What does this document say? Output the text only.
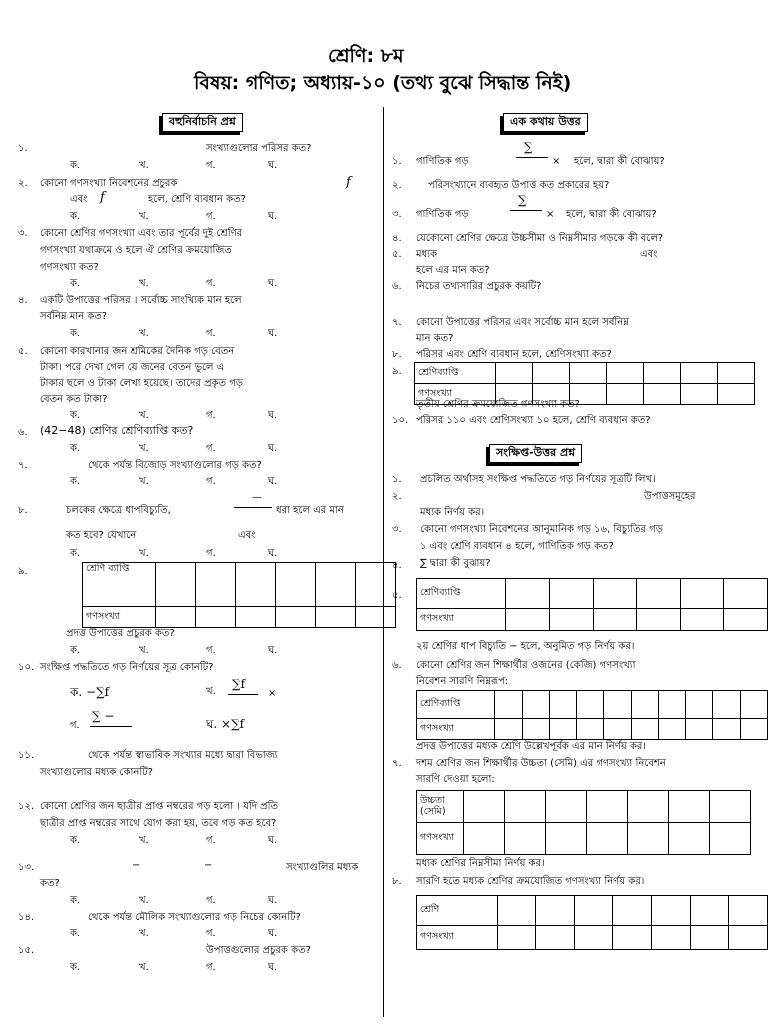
শ্রেণি: ৮ম
বিষয়: গণিত; অধ্যায়-১০ (তথ্য বুঝে সিদ্ধান্ত নিই)
বহুনির্বাচনি প্রশ্ন
১.	সংখ্যাগুলোর পরিসর কত?
ক.	খ.	গ.	ঘ.
২. কোনো গণসংখ্যা নিবেশনের প্রচুরক	f
এবং f	হলে, শ্রেণি ব্যবধান কত?
ক.	খ.	গ.	ঘ.
৩. কোনো শ্রেণির গণসংখ্যা এবং তার পূর্বের দুই শ্রেণির
গণসংখ্যা যথাক্রমে ও হলে ঐ শ্রেণির ক্রমযোজিত
গণসংখ্যা কত?
ক.	খ.	গ.	ঘ.
৪. একটি উপাত্তের পরিসর । সর্বোচ্চ সাংখ্যিক মান হলে
সর্বনিম্ন মান কত?
ক.	খ.	গ.	ঘ.
৫. কোনো কারখানার জন শ্রমিকের দৈনিক গড় বেতন
টাকা। পরে দেখা গেল যে জনের বেতন ভুলে এ
টাকার ছলে ও টাকা লেখা হয়েছে। তাদের প্রকৃত গড়
বেতন কত টাকা?
ক.	খ.	গ.	ঘ.
৬. (42−48) শ্রেণির শ্রেণিব্যাপ্তি কত?
ক.	খ.	গ.	ঘ.
৭.	থেকে পর্যন্ত বিজোড় সংখ্যাগুলোর গড় কত?
ক.	খ.	গ.	ঘ.
৮.	চলকের ক্ষেত্রে ধাপবিচ্যুতি,
—
ধরা হলে এর মান
কত হবে? যেখানে	এবং
ক.	খ.	গ.	ঘ.
৯.	শ্রেণি ব্যাপ্তি						
গণসংখ্যা						
প্রদত্ত উপাত্তের প্রচুরক কত?
ক.	খ.	গ.	ঘ.
১০. সংক্ষিপ্ত পদ্ধতিতে গড় নির্ণয়ের সূত্র কোনটি?
ক. −∑f	খ.
∑f
×
গ.
∑ −
ঘ. ×∑f
১১.	থেকে পর্যন্ত স্বাভাবিক সংখ্যার মধ্যে দ্বারা বিভাজ্য
সংখ্যাগুলোর মধ্যক কোনটি?
১২. কোনো শ্রেণির জন ছাত্রীর প্রাপ্ত নম্বরের গড় হলো । যদি প্রতি
ছাত্রীর প্রাপ্ত নম্বরের সাথে যোগ করা হয়, তবে গড় কত হবে?
ক.	খ.	গ.	ঘ.
১৩.	−	−	সংখ্যাগুলির মধ্যক
কত?
ক.	খ.	গ.	ঘ.
১৪.	থেকে পর্যন্ত মৌলিক সংখ্যাগুলোর গড় নিচের কোনটি?
ক.	খ.	গ.	ঘ.
১৫.	উপাত্তগুলোর প্রচুরক কত?
ক.	খ.	গ.	ঘ.
এক কথায় উত্তর
১. গাণিতিক গড়
∑
× হলে, দ্বারা কী বোঝায়?
২.	পরিসংখ্যানে ব্যবহৃত উপাত্ত কত প্রকারের হয়?
৩. গাণিতিক গড়
∑
× হলে, দ্বারা কী বোঝায়?
৪. যেকোনো শ্রেণির ক্ষেত্রে উচ্চসীমা ও নিম্নসীমার গড়কে কী বলে?
৫. মধ্যক	এবং
হলে এর মান কত?
৬. নিচের তথ্যসারির প্রচুরক কয়টি?
৭. কোনো উপাত্তের পরিসর এবং সর্বোচ্চ মান হলে সর্বনিম্ন
মান কত?
৮. পরিসর এবং শ্রেণি ব্যবধান হলে, শ্রেণিসংখ্যা কত?
৯. শ্রেণিব্যাপ্তি							
গণসংখ্যা							
তৃতীয় শ্রেণির ক্রমযোজিত গণসংখ্যা কত?
১০. পরিসর ১১০ এবং শ্রেণিসংখ্যা ১০ হলে, শ্রেণি ব্যবধান কত?
সংক্ষিপ্ত-উত্তর প্রশ্ন
১. প্রচলিত অর্থাসহ সংক্ষিপ্ত পদ্ধতিতে গড় নির্ণয়ের সূত্রটি লিখ।
২.	উপাত্তসমূহের
মধ্যক নির্ণয় কর।
৩. কোনো গণসংখ্যা নিবেশনের আনুমানিক গড় ১৬, বিচ্যুতির গড়
১ এবং শ্রেণি ব্যবধান ৪ হলে, গাণিতিক গড় কত?
৪. ∑ দ্বারা কী বুঝায়?
৫. শ্রেণিব্যাপ্তি						
গণসংখ্যা						
২য় শ্রেণির ধাপ বিচ্যুতি − হলে, অনুমিত গড় নির্ণয় কর।
৬. কোনো শ্রেণির জন শিক্ষার্থীর ওজনের (কেজি) গণসংখ্যা
নিবেশন সারণি নিম্নরূপ:
শ্রেণিব্যাপ্তি										
গণসংখ্যা										
প্রদত্ত উপাত্তের মধ্যক শ্রেণি উল্লেখপূর্বক এর মান নির্ণয় কর।
৭. দশম শ্রেণির জন শিক্ষার্থীর উচ্চতা (সেমি) এর গণসংখ্যা নিবেশন
সারণি দেওয়া হলো:
উচ্চতা (সেমি)							
গণসংখ্যা							
মধ্যক শ্রেণির নিম্নসীমা নির্ণয় কর।
৮. সারণি হতে মধ্যক শ্রেণির ক্রমযোজিত গণসংখ্যা নির্ণয় কর।
শ্রেণি							
গণসংখ্যা							
